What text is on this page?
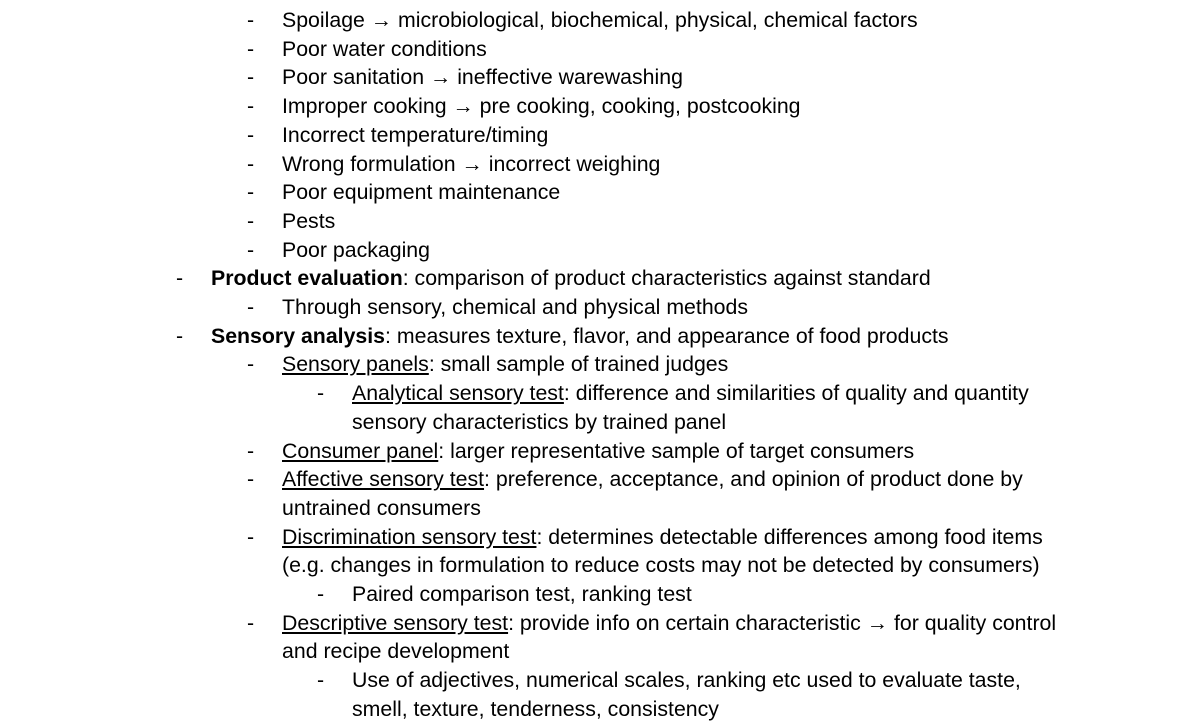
- Spoilage → microbiological, biochemical, physical, chemical factors
- Poor water conditions
- Poor sanitation → ineffective warewashing
- Improper cooking → pre cooking, cooking, postcooking
- Incorrect temperature/timing
- Wrong formulation → incorrect weighing
- Poor equipment maintenance
- Pests
- Poor packaging
- Product evaluation: comparison of product characteristics against standard
- Through sensory, chemical and physical methods
- Sensory analysis: measures texture, flavor, and appearance of food products
- Sensory panels: small sample of trained judges
- Analytical sensory test: difference and similarities of quality and quantity sensory characteristics by trained panel
- Consumer panel: larger representative sample of target consumers
- Affective sensory test: preference, acceptance, and opinion of product done by untrained consumers
- Discrimination sensory test: determines detectable differences among food items (e.g. changes in formulation to reduce costs may not be detected by consumers)
- Paired comparison test, ranking test
- Descriptive sensory test: provide info on certain characteristic → for quality control and recipe development
- Use of adjectives, numerical scales, ranking etc used to evaluate taste, smell, texture, tenderness, consistency
